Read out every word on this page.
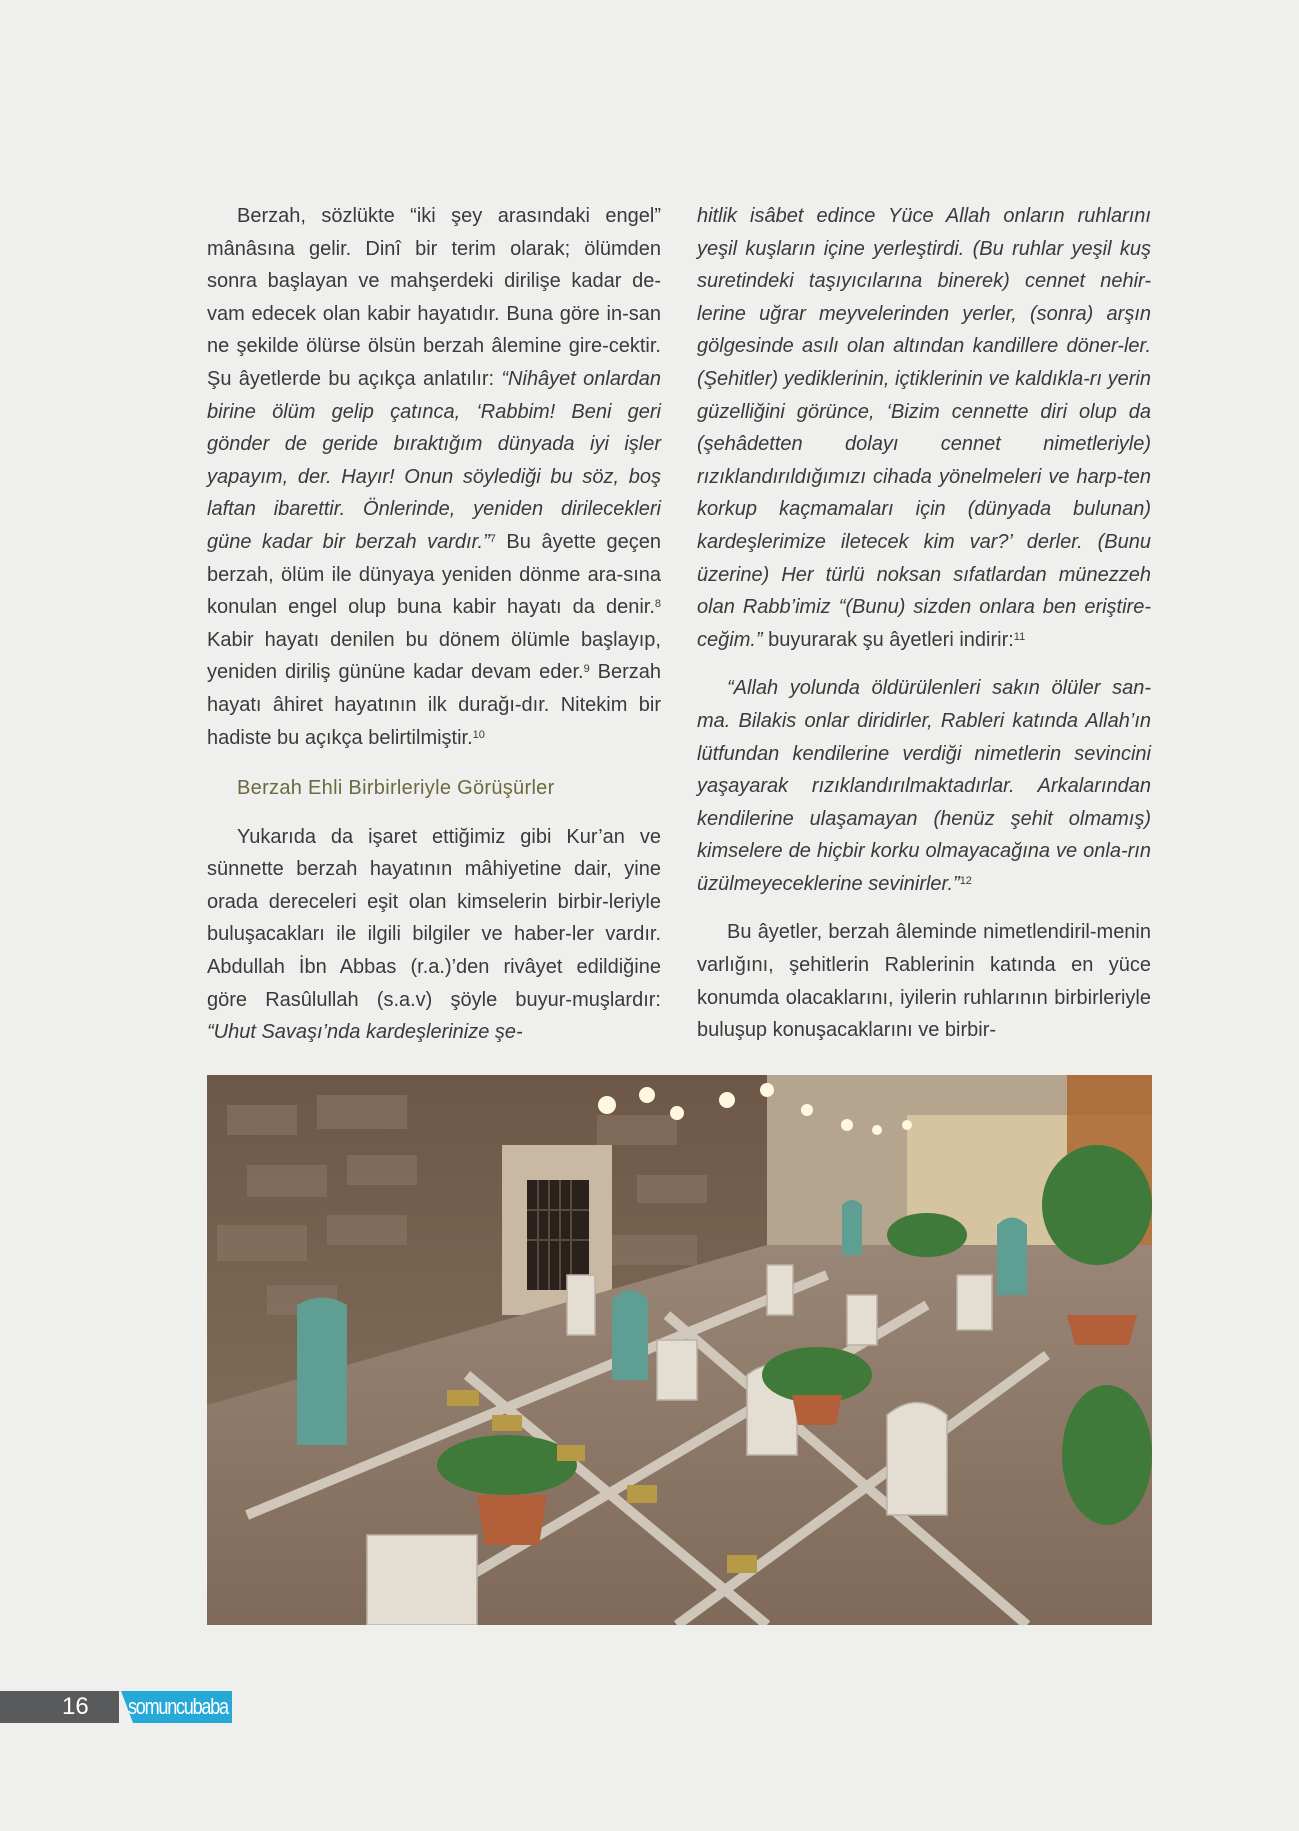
Berzah, sözlükte “iki şey arasındaki engel” mânâsına gelir. Dinî bir terim olarak; ölümden sonra başlayan ve mahşerdeki dirilişe kadar de-vam edecek olan kabir hayatıdır. Buna göre in-san ne şekilde ölürse ölsün berzah âlemine gire-cektir. Şu âyetlerde bu açıkça anlatılır: “Nihâyet onlardan birine ölüm gelip çatınca, ‘Rabbim! Beni geri gönder de geride bıraktığım dünyada iyi işler yapayım, der. Hayır! Onun söylediği bu söz, boş laftan ibarettir. Önlerinde, yeniden dirilecekleri güne kadar bir berzah vardır.”$^7$ Bu âyette geçen berzah, ölüm ile dünyaya yeniden dönme ara-sına konulan engel olup buna kabir hayatı da denir.$^8$ Kabir hayatı denilen bu dönem ölümle başlayıp, yeniden diriliş gününe kadar devam eder.$^9$ Berzah hayatı âhiret hayatının ilk durağı-dır. Nitekim bir hadiste bu açıkça belirtilmiştir.$^{10}$

Berzah Ehli Birbirleriyle Görüşürler

Yukarıda da işaret ettiğimiz gibi Kur’an ve sünnette berzah hayatının mâhiyetine dair, yine orada dereceleri eşit olan kimselerin birbir-leriyle buluşacakları ile ilgili bilgiler ve haber-ler vardır. Abdullah İbn Abbas (r.a.)’den rivâyet edildiğine göre Rasûlullah (s.a.v) şöyle buyur-muşlardır: “Uhut Savaşı’nda kardeşlerinize şe-

hitlik isâbet edince Yüce Allah onların ruhlarını yeşil kuşların içine yerleştirdi. (Bu ruhlar yeşil kuş suretindeki taşıyıcılarına binerek) cennet nehir-lerine uğrar meyvelerinden yerler, (sonra) arşın gölgesinde asılı olan altından kandillere döner-ler. (Şehitler) yediklerinin, içtiklerinin ve kaldıkla-rı yerin güzelliğini görünce, ‘Bizim cennette diri olup da (şehâdetten dolayı cennet nimetleriyle) rızıklandırıldığımızı cihada yönelmeleri ve harp-ten korkup kaçmamaları için (dünyada bulunan) kardeşlerimize iletecek kim var?’ derler. (Bunu üzerine) Her türlü noksan sıfatlardan münezzeh olan Rabb’imiz “(Bunu) sizden onlara ben eriştire-ceğim.” buyurarak şu âyetleri indirir:$^{11}$

“Allah yolunda öldürülenleri sakın ölüler san-ma. Bilakis onlar diridirler, Rableri katında Allah’ın lütfundan kendilerine verdiği nimetlerin sevincini yaşayarak rızıklandırılmaktadırlar. Arkalarından kendilerine ulaşamayan (henüz şehit olmamış) kimselere de hiçbir korku olmayacağına ve onla-rın üzülmeyeceklerine sevinirler.”$^{12}$

Bu âyetler, berzah âleminde nimetlendiril-menin varlığını, şehitlerin Rablerinin katında en yüce konumda olacaklarını, iyilerin ruhlarının birbirleriyle buluşup konuşacaklarını ve birbir-

16 somuncubaba
